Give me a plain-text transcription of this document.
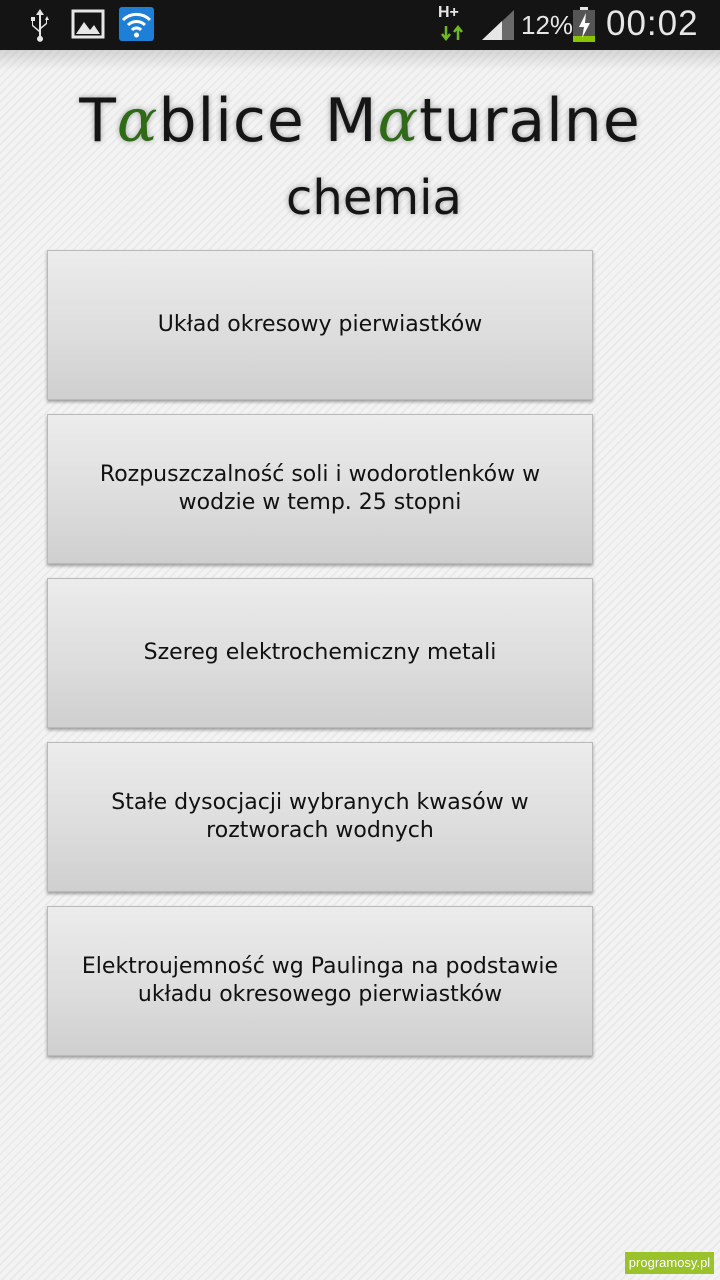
H+ 12% 00:02
Tαblice Mαturalne
chemia
Układ okresowy pierwiastków
Rozpuszczalność soli i wodorotlenków w wodzie w temp. 25 stopni
Szereg elektrochemiczny metali
Stałe dysocjacji wybranych kwasów w roztworach wodnych
Elektroujemność wg Paulinga na podstawie układu okresowego pierwiastków
programosy.pl
